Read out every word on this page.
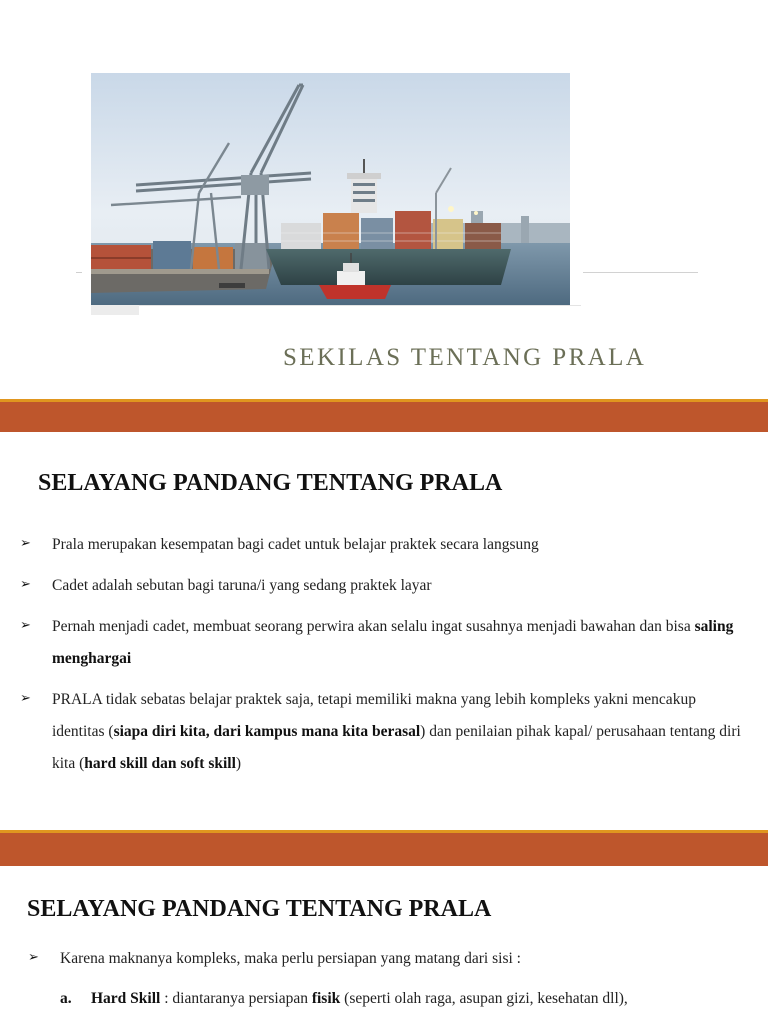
SEKILAS TENTANG PRALA
SELAYANG PANDANG TENTANG PRALA
➢ Prala merupakan kesempatan bagi cadet untuk belajar praktek secara langsung
➢ Cadet adalah sebutan bagi taruna/i yang sedang praktek layar
➢ Pernah menjadi cadet, membuat seorang perwira akan selalu ingat susahnya menjadi bawahan dan bisa saling menghargai
➢ PRALA tidak sebatas belajar praktek saja, tetapi memiliki makna yang lebih kompleks yakni mencakup identitas (siapa diri kita, dari kampus mana kita berasal) dan penilaian pihak kapal/ perusahaan tentang diri kita (hard skill dan soft skill)
SELAYANG PANDANG TENTANG PRALA
➢ Karena maknanya kompleks, maka perlu persiapan yang matang dari sisi :
a. Hard Skill : diantaranya persiapan fisik (seperti olah raga, asupan gizi, kesehatan dll),
